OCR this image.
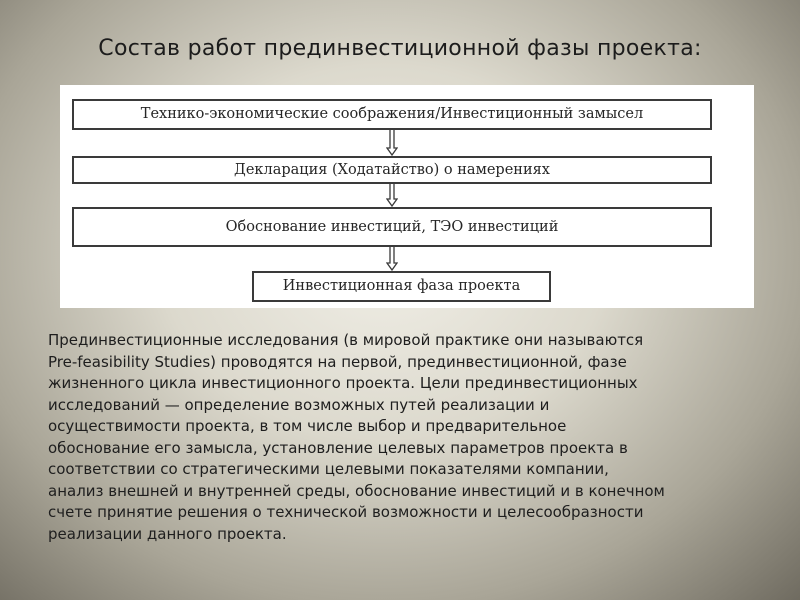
Состав работ прединвестиционной фазы проекта:
Технико-экономические соображения/Инвестиционный замысел
Декларация (Ходатайство) о намерениях
Обоснование инвестиций, ТЭО инвестиций
Инвестиционная фаза проекта
Прединвестиционные исследования (в мировой практике они называются
Pre-feasibility Studies) проводятся на первой, прединвестиционной, фазе
жизненного цикла инвестиционного проекта. Цели прединвестиционных
исследований — определение возможных путей реализации и
осуществимости проекта, в том числе выбор и предварительное
обоснование его замысла, установление целевых параметров проекта в
соответствии со стратегическими целевыми показателями компании,
анализ внешней и внутренней среды, обоснование инвестиций и в конечном
счете принятие решения о технической возможности и целесообразности
реализации данного проекта.
